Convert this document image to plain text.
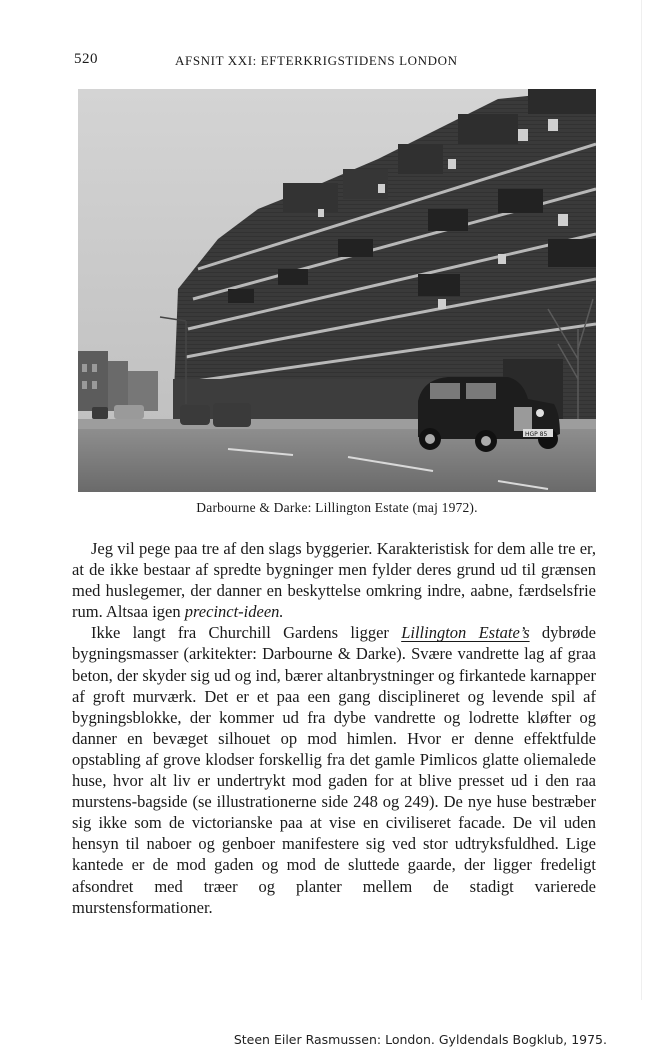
520	AFSNIT XXI: EFTERKRIGSTIDENS LONDON
HGP 85
Darbourne & Darke: Lillington Estate (maj 1972).

Jeg vil pege paa tre af den slags byggerier. Karakteristisk for dem alle tre er, at de ikke bestaar af spredte bygninger men fylder deres grund ud til grænsen med huslegemer, der danner en beskyttelse omkring indre, aabne, færdselsfrie rum. Altsaa igen precinct-ideen.

Ikke langt fra Churchill Gardens ligger Lillington Estate’s dybrøde bygningsmasser (arkitekter: Darbourne & Darke). Svære vandrette lag af graa beton, der skyder sig ud og ind, bærer altanbrystninger og firkantede karnapper af groft murværk. Det er et paa een gang disciplineret og levende spil af bygningsblokke, der kommer ud fra dybe vandrette og lodrette kløfter og danner en bevæget silhouet op mod himlen. Hvor er denne effektfulde opstabling af grove klodser forskellig fra det gamle Pimlicos glatte oliemalede huse, hvor alt liv er undertrykt mod gaden for at blive presset ud i den raa murstens-bagside (se illustrationerne side 248 og 249). De nye huse bestræber sig ikke som de victorianske paa at vise en civiliseret facade. De vil uden hensyn til naboer og genboer manifestere sig ved stor udtryksfuldhed. Lige kantede er de mod gaden og mod de sluttede gaarde, der ligger fredeligt afsondret med træer og planter mellem de stadigt varierede murstensformationer.

Steen Eiler Rasmussen: London. Gyldendals Bogklub, 1975.
